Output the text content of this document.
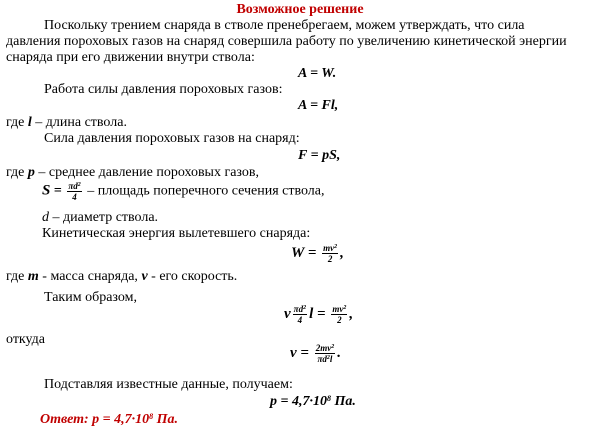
Возможное решение
Поскольку трением снаряда в стволе пренебрегаем, можем утверждать, что сила
давления пороховых газов на снаряд совершила работу по увеличению кинетической энергии
снаряда при его движении внутри ствола:
A = W.
Работа силы давления пороховых газов:
A = Fl,
где l – длина ствола.
Сила давления пороховых газов на снаряд:
F = pS,
где p – среднее давление пороховых газов,
$S = \frac{\pi d^2}{4}$ – площадь поперечного сечения ствола,
d – диаметр ствола.
Кинетическая энергия вылетевшего снаряда:
$W = \frac{mv^2}{2}$ ,
где m - масса снаряда, v - его скорость.
Таким образом,
v $\frac{\pi d^2}{4}$ $l = \frac{mv^2}{2}$ ,
откуда
$v = \frac{2mv^2}{\pi d^2l}$ .
Подставляя известные данные, получаем:
$p = 4,7\cdot 10^8$ Па.
Ответ: $p = 4,7\cdot 10^8$ Па.
